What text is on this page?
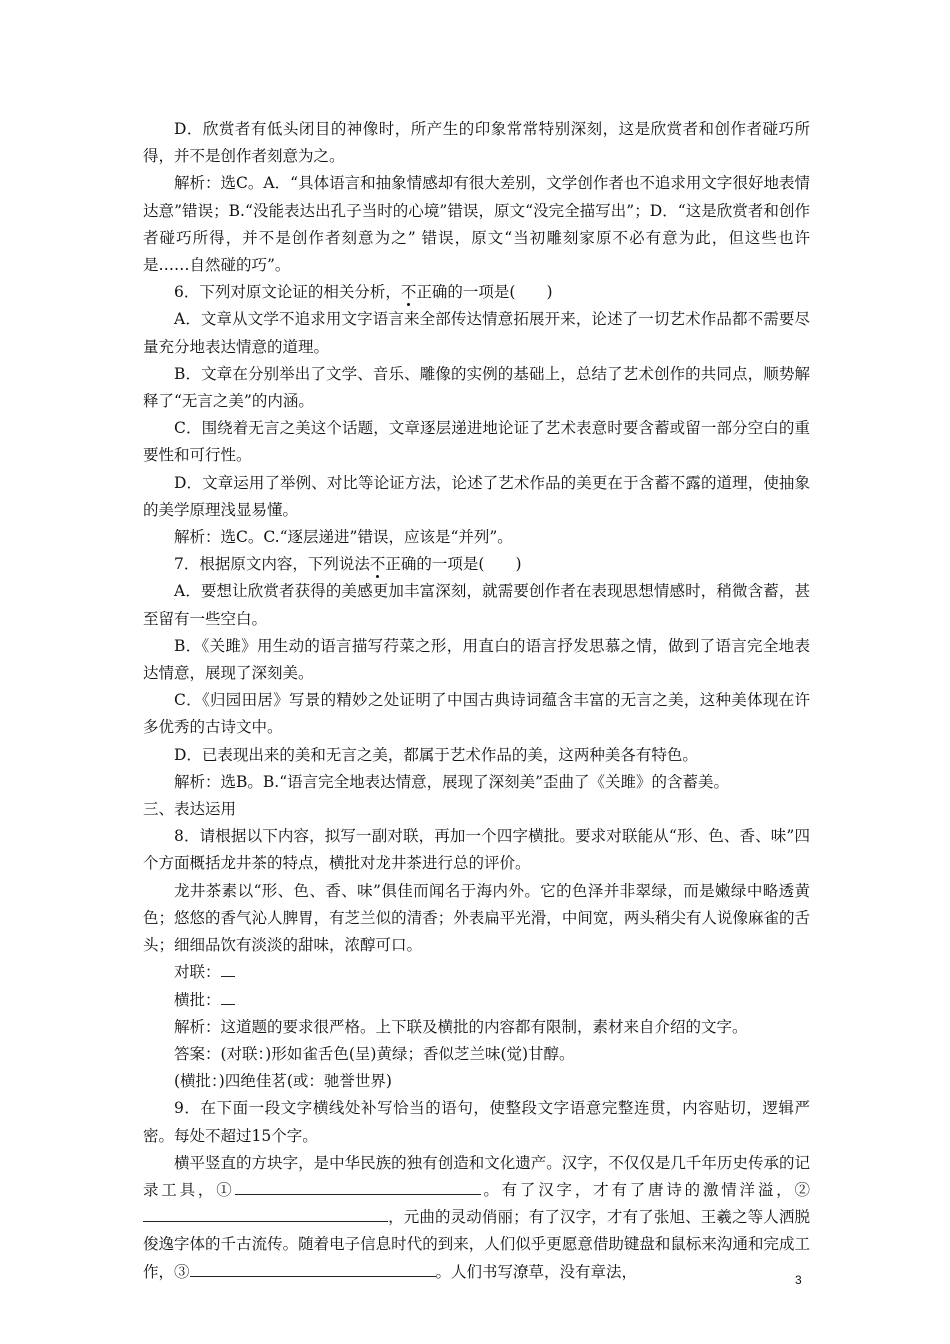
D．欣赏者有低头闭目的神像时，所产生的印象常常特别深刻，这是欣赏者和创作者碰巧所得，并不是创作者刻意为之。

解析：选C。A．“具体语言和抽象情感却有很大差别，文学创作者也不追求用文字很好地表情达意”错误；B.“没能表达出孔子当时的心境”错误，原文“没完全描写出”；D．“这是欣赏者和创作者碰巧所得，并不是创作者刻意为之” 错误，原文“当初雕刻家原不必有意为此，但这些也许是……自然碰的巧”。

6．下列对原文论证的相关分析，不正确的一项是(　　)

A．文章从文学不追求用文字语言来全部传达情意拓展开来，论述了一切艺术作品都不需要尽量充分地表达情意的道理。

B．文章在分别举出了文学、音乐、雕像的实例的基础上，总结了艺术创作的共同点，顺势解释了“无言之美”的内涵。

C．围绕着无言之美这个话题，文章逐层递进地论证了艺术表意时要含蓄或留一部分空白的重要性和可行性。

D．文章运用了举例、对比等论证方法，论述了艺术作品的美更在于含蓄不露的道理，使抽象的美学原理浅显易懂。

解析：选C。C.“逐层递进”错误，应该是“并列”。

7．根据原文内容，下列说法不正确的一项是(　　)

A．要想让欣赏者获得的美感更加丰富深刻，就需要创作者在表现思想情感时，稍微含蓄，甚至留有一些空白。

B．《关雎》用生动的语言描写荇菜之形，用直白的语言抒发思慕之情，做到了语言完全地表达情意，展现了深刻美。

C．《归园田居》写景的精妙之处证明了中国古典诗词蕴含丰富的无言之美，这种美体现在许多优秀的古诗文中。

D．已表现出来的美和无言之美，都属于艺术作品的美，这两种美各有特色。

解析：选B。B.“语言完全地表达情意，展现了深刻美”歪曲了《关雎》的含蓄美。

三、表达运用

8．请根据以下内容，拟写一副对联，再加一个四字横批。要求对联能从“形、色、香、味”四个方面概括龙井茶的特点，横批对龙井茶进行总的评价。

龙井茶素以“形、色、香、味”俱佳而闻名于海内外。它的色泽并非翠绿，而是嫩绿中略透黄色；悠悠的香气沁人脾胃，有芝兰似的清香；外表扁平光滑，中间宽，两头稍尖有人说像麻雀的舌头；细细品饮有淡淡的甜味，浓醇可口。

对联：

横批：

解析：这道题的要求很严格。上下联及横批的内容都有限制，素材来自介绍的文字。

答案：(对联：)形如雀舌色(呈)黄绿；香似芝兰味(觉)甘醇。

(横批：)四绝佳茗(或：驰誉世界)

9．在下面一段文字横线处补写恰当的语句，使整段文字语意完整连贯，内容贴切，逻辑严密。每处不超过15个字。

横平竖直的方块字，是中华民族的独有创造和文化遗产。汉字，不仅仅是几千年历史传承的记录工具，①	。有了汉字，才有了唐诗的激情洋溢，②，元曲的灵动俏丽；有了汉字，才有了张旭、王羲之等人洒脱俊逸字体的千古流传。随着电子信息时代的到来，人们似乎更愿意借助键盘和鼠标来沟通和完成工作，③	。人们书写潦草，没有章法，	3
